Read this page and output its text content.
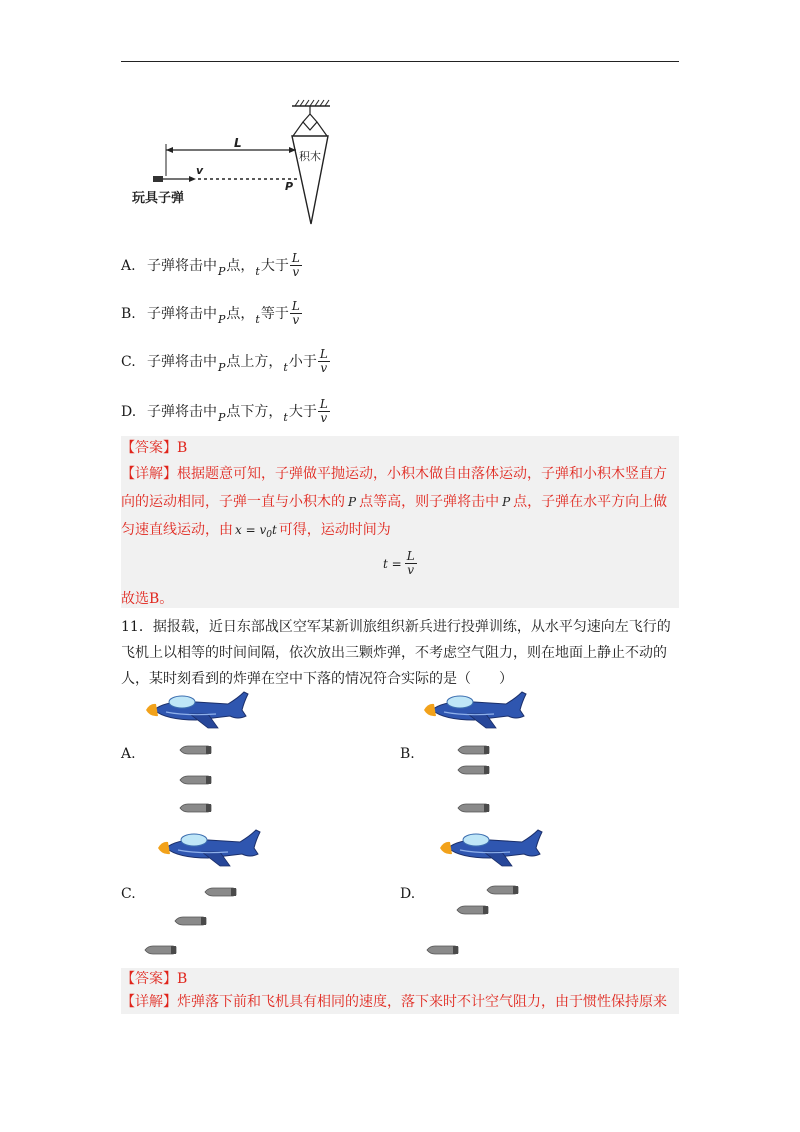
积木
L
v
P
玩具子弹
A. 子弹将击中 P 点， t 大于 $\frac{L}{v}$
B. 子弹将击中 P 点， t 等于 $\frac{L}{v}$
C. 子弹将击中 P 点上方， t 小于 $\frac{L}{v}$
D. 子弹将击中 P 点下方， t 大于 $\frac{L}{v}$
【答案】B
【详解】根据题意可知，子弹做平抛运动，小积木做自由落体运动，子弹和小积木竖直方
向的运动相同，子弹一直与小积木的 P 点等高，则子弹将击中 P 点，子弹在水平方向上做
匀速直线运动，由 $x = v_0t$ 可得，运动时间为
$t = \frac{L}{v}$
故选B。
11．据报载，近日东部战区空军某新训旅组织新兵进行投弹训练，从水平匀速向左飞行的
飞机上以相等的时间间隔，依次放出三颗炸弹，不考虑空气阻力，则在地面上静止不动的
人，某时刻看到的炸弹在空中下落的情况符合实际的是（　　）
A.	B.
C.	D.
【答案】B
【详解】炸弹落下前和飞机具有相同的速度，落下来时不计空气阻力，由于惯性保持原来
